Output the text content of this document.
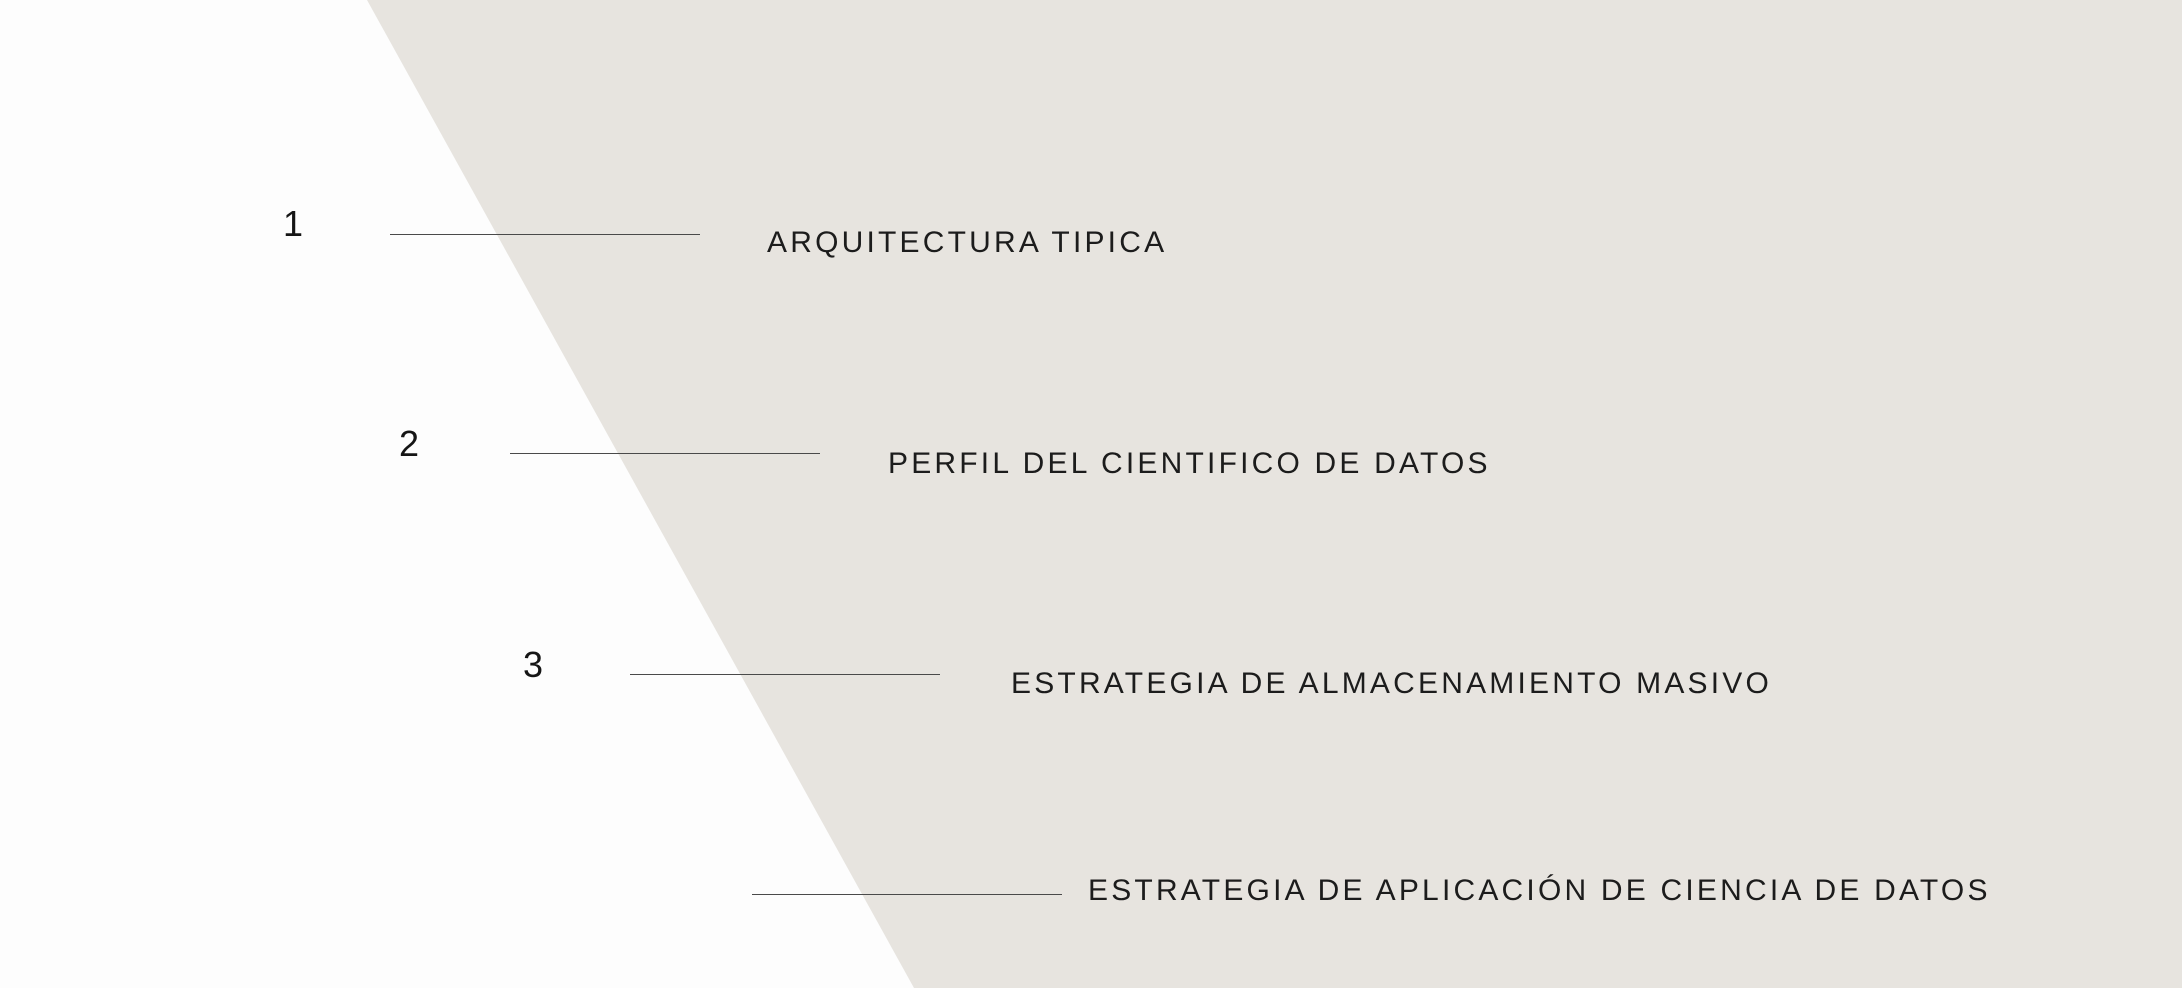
1	ARQUITECTURA TIPICA
2	PERFIL DEL CIENTIFICO DE DATOS
3	ESTRATEGIA DE ALMACENAMIENTO MASIVO
ESTRATEGIA DE APLICACIÓN DE CIENCIA DE DATOS
